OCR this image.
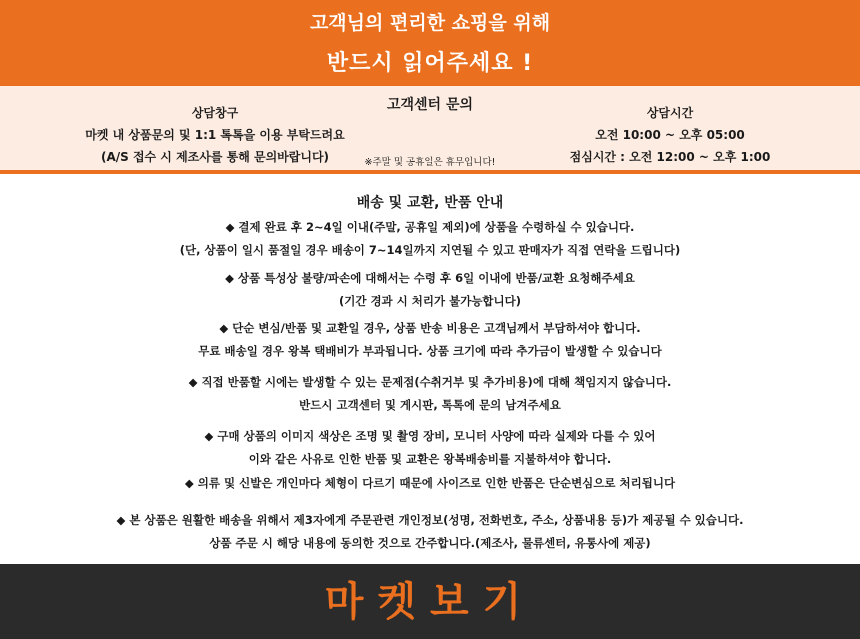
고객님의 편리한 쇼핑을 위해
반드시 읽어주세요 !
상담창구
마켓 내 상품문의 및 1:1 톡톡을 이용 부탁드려요
(A/S 접수 시 제조사를 통해 문의바랍니다)
고객센터 문의
※주말 및 공휴일은 휴무입니다!
상담시간
오전 10:00 ~ 오후 05:00
점심시간 : 오전 12:00 ~ 오후 1:00
배송 및 교환, 반품 안내
◆ 결제 완료 후 2~4일 이내(주말, 공휴일 제외)에 상품을 수령하실 수 있습니다.
(단, 상품이 일시 품절일 경우 배송이 7~14일까지 지연될 수 있고 판매자가 직접 연락을 드립니다)
◆ 상품 특성상 불량/파손에 대해서는 수령 후 6일 이내에 반품/교환 요청해주세요
(기간 경과 시 처리가 불가능합니다)
◆ 단순 변심/반품 및 교환일 경우, 상품 반송 비용은 고객님께서 부담하셔야 합니다.
무료 배송일 경우 왕복 택배비가 부과됩니다. 상품 크기에 따라 추가금이 발생할 수 있습니다
◆ 직접 반품할 시에는 발생할 수 있는 문제점(수취거부 및 추가비용)에 대해 책임지지 않습니다.
반드시 고객센터 및 게시판, 톡톡에 문의 남겨주세요
◆ 구매 상품의 이미지 색상은 조명 및 촬영 장비, 모니터 사양에 따라 실제와 다를 수 있어
이와 같은 사유로 인한 반품 및 교환은 왕복배송비를 지불하셔야 합니다.
◆ 의류 및 신발은 개인마다 체형이 다르기 때문에 사이즈로 인한 반품은 단순변심으로 처리됩니다
◆ 본 상품은 원활한 배송을 위해서 제3자에게 주문관련 개인정보(성명, 전화번호, 주소, 상품내용 등)가 제공될 수 있습니다.
상품 주문 시 해당 내용에 동의한 것으로 간주합니다.(제조사, 물류센터, 유통사에 제공)
마켓보기
